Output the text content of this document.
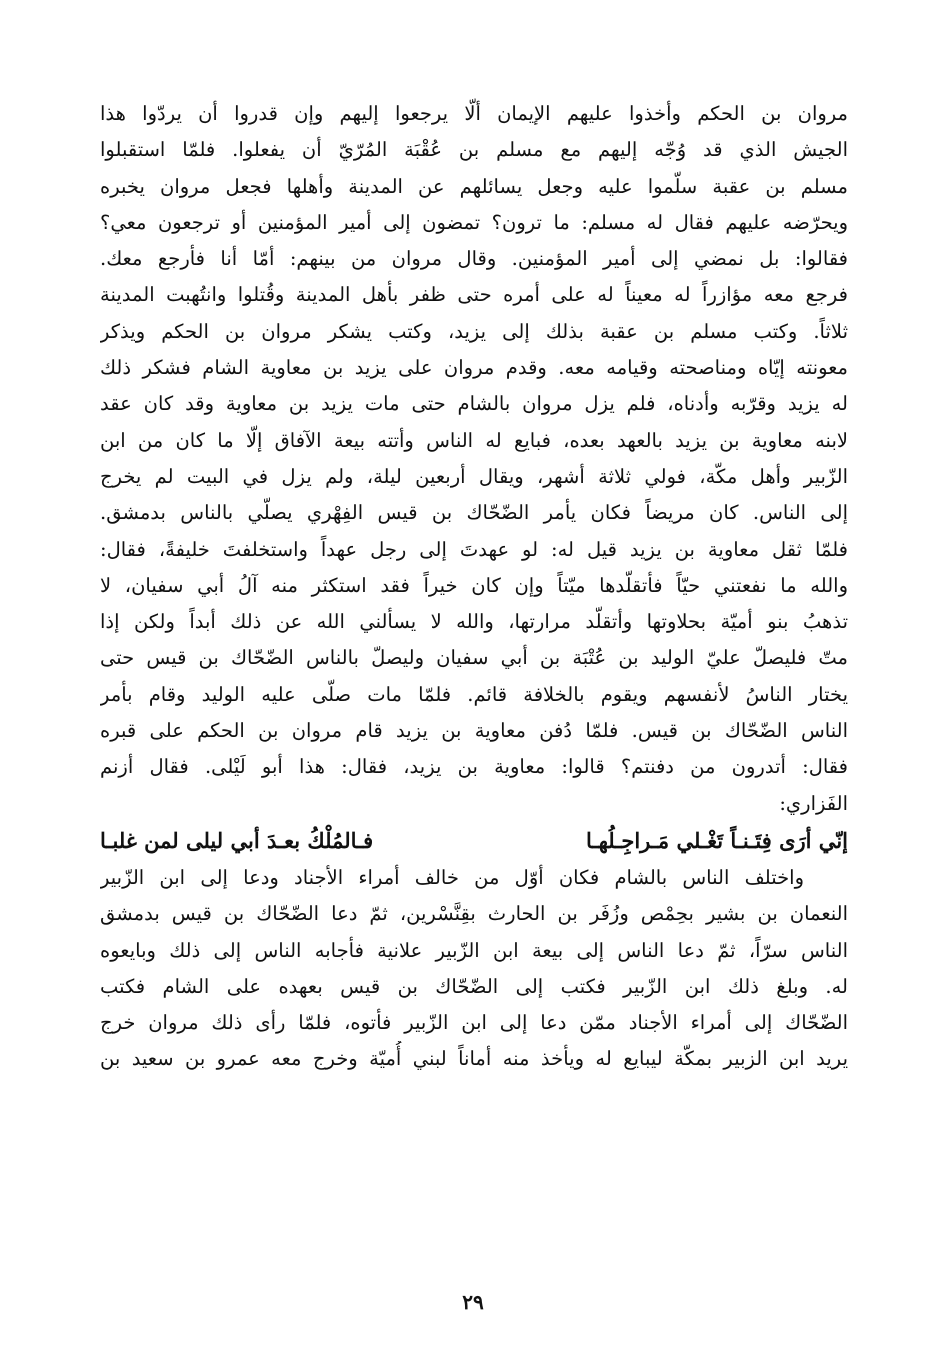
مروان بن الحكم وأخذوا عليهم الإيمان ألّا يرجعوا إليهم وإن قدروا أن يردّوا هذا
الجيش الذي قد وُجّه إليهم مع مسلم بن عُقْبَة المُرّيّ أن يفعلوا. فلمّا استقبلوا
مسلم بن عقبة سلّموا عليه وجعل يسائلهم عن المدينة وأهلها فجعل مروان يخبره
ويحرّضه عليهم فقال له مسلم: ما ترون؟ تمضون إلى أمير المؤمنين أو ترجعون معي؟
فقالوا: بل نمضي إلى أمير المؤمنين. وقال مروان من بينهم: أمّا أنا فأرجع معك.
فرجع معه مؤازراً له معيناً له على أمره حتى ظفر بأهل المدينة وقُتلوا وانتُهبت المدينة
ثلاثاً. وكتب مسلم بن عقبة بذلك إلى يزيد، وكتب يشكر مروان بن الحكم ويذكر
معونته إيّاه ومناصحته وقيامه معه. وقدم مروان على يزيد بن معاوية الشام فشكر ذلك
له يزيد وقرّبه وأدناه، فلم يزل مروان بالشام حتى مات يزيد بن معاوية وقد كان عقد
لابنه معاوية بن يزيد بالعهد بعده، فبايع له الناس وأتته بيعة الآفاق إلّا ما كان من ابن
الزّبير وأهل مكّة، فولي ثلاثة أشهر، ويقال أربعين ليلة، ولم يزل في البيت لم يخرج
إلى الناس. كان مريضاً فكان يأمر الضّحّاك بن قيس الفِهْري يصلّي بالناس بدمشق.
فلمّا ثقل معاوية بن يزيد قيل له: لو عهدتَ إلى رجل عهداً واستخلفتَ خليفةً، فقال:
والله ما نفعتني حيّاً فأتقلّدها ميّتاً وإن كان خيراً فقد استكثر منه آلُ أبي سفيان، لا
تذهبُ بنو أميّة بحلاوتها وأتقلّد مرارتها، والله لا يسألني الله عن ذلك أبداً ولكن إذا
متّ فليصلّ عليّ الوليد بن عُتْبَة بن أبي سفيان وليصلّ بالناس الضّحّاك بن قيس حتى
يختار الناسُ لأنفسهم ويقوم بالخلافة قائم. فلمّا مات صلّى عليه الوليد وقام بأمر
الناس الضّحّاك بن قيس. فلمّا دُفن معاوية بن يزيد قام مروان بن الحكم على قبره
فقال: أتدرون من دفنتم؟ قالوا: معاوية بن يزيد، فقال: هذا أبو لَيْلى. فقال أزنم
الفَزاري:
إنّي أرَى فِتَـنـاً تَغْـلي مَـراجِـلُهـا
فـالمُلْكُ بعـدَ أبي ليلى لمن غلبـا
واختلف الناس بالشام فكان أوّل من خالف أمراء الأجناد ودعا إلى ابن الزّبير
النعمان بن بشير بحِمْص وزُفَر بن الحارث بقِنَّسْرين، ثمّ دعا الضّحّاك بن قيس بدمشق
الناس سرّاً، ثمّ دعا الناس إلى بيعة ابن الزّبير علانية فأجابه الناس إلى ذلك وبايعوه
له. وبلغ ذلك ابن الزّبير فكتب إلى الضّحّاك بن قيس بعهده على الشام فكتب
الضّحّاك إلى أمراء الأجناد ممّن دعا إلى ابن الزّبير فأتوه، فلمّا رأى ذلك مروان خرج
يريد ابن الزبير بمكّة ليبايع له ويأخذ منه أماناً لبني أُميّة وخرج معه عمرو بن سعيد بن
٢٩
